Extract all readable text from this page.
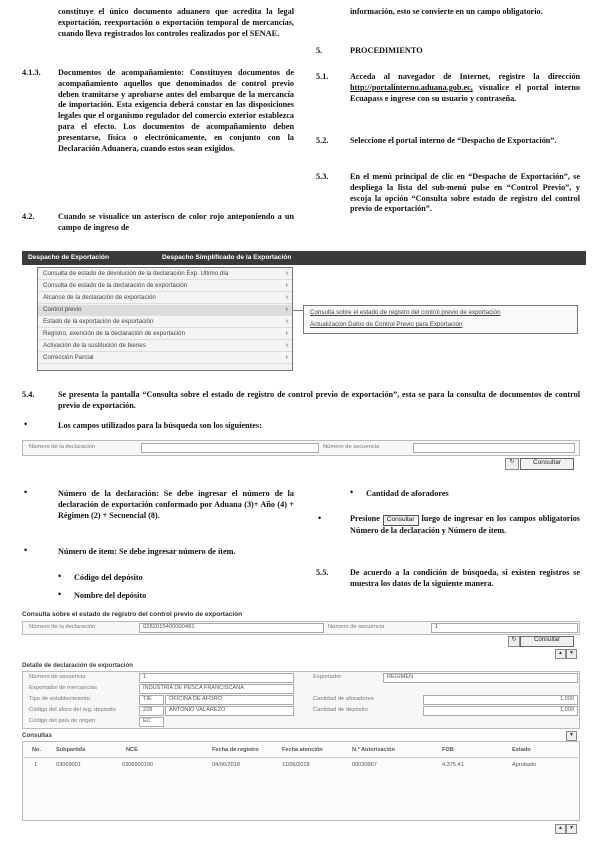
constituye el único documento aduanero que acredita la legal exportación, reexportación o exportación temporal de mercancías, cuando lleva registrados los controles realizados por el SENAE.
4.1.3. Documentos de acompañamiento: Constituyen documentos de acompañamiento aquellos que denominados de control previo deben tramitarse y aprobarse antes del embarque de la mercancía de importación. Esta exigencia deberá constar en las disposiciones legales que el organismo regulador del comercio exterior establezca para el efecto. Los documentos de acompañamiento deben presentarse, física o electrónicamente, en conjunto con la Declaración Aduanera, cuando estos sean exigidos.
4.2.	Cuando se visualice un asterisco de color rojo anteponiendo a un campo de ingreso de
información, esto se convierte en un campo obligatorio.
5.	PROCEDIMIENTO
5.1.	Acceda al navegador de Internet, registre la dirección http://portalinterno.aduana.gob.ec, visualice el portal interno Ecuapass e ingrese con su usuario y contraseña.
5.2.	Seleccione el portal interno de “Despacho de Exportación”.
5.3.	En el menú principal de clic en “Despacho de Exportación”, se despliega la lista del sub-menú pulse en “Control Previo”, y escoja la opción “Consulta sobre estado de registro del control previo de exportación”.
Despacho de Exportación	Despacho Simplificado de la Exportación
Consulta de estado de devolución de la declaración Exp. Ultimo día	›
Consulta de estado de la declaración de exportación	›
Alcance de la declaración de exportación	›
Control previo	›
Estado de la exportación de exportación	›
Registro, exención de la declaración de exportación	›
Activación de la sustitución de bienes	›
Corrección Parcial	›
Consulta sobre el estado de registro del control previo de exportación
Actualización Datos de Control Previo para Exportación
5.4.	Se presenta la pantalla “Consulta sobre el estado de registro de control previo de exportación”, esta se para la consulta de documentos de control previo de exportación.
•	Los campos utilizados para la búsqueda son los siguientes:
Número de la declaración	Número de secuencia
↻	Consultar
•	Número de la declaración: Se debe ingresar el número de la declaración de exportación conformado por Aduana (3)+ Año (4) + Régimen (2) + Secuencial (8).
•	Número de ítem: Se debe ingresar número de ítem.
• Código del depósito
• Nombre del depósito
• Cantidad de aforadores
•	Presione Consultar luego de ingresar en los campos obligatorios Número de la declaración y Número de ítem.
5.5.	De acuerdo a la condición de búsqueda, si existen registros se muestra los datos de la siguiente manera.
Consulta sobre el estado de registro del control previo de exportación
Número de la declaración	0282015400000481	Número de secuencia	1
↻	Consultar
▲	▼
Detalle de declaración de exportación
Número de secuencia	1	Exportador	REGIMEN
Exportador de mercancías	INDUSTRIA DE PESCA FRANCISCANA
Tipo de establecimiento	TIE	OFICINA DE AFORO	Cantidad de aforadores	1,000
Código del aforo del reg. depósito	228	ANTONIO VALAREZO	Cantidad de depósito	1,000
Código del país de origen	EC
Consultas	▼
No.	Subpartida	NCE	Fecha de registro	Fecha atención	N.º Autorización	FOB	Estado
1	03069001	0306900190	04/06/2018	11/06/2018	00030967	4,375.41	Aprobado
▲	▼
